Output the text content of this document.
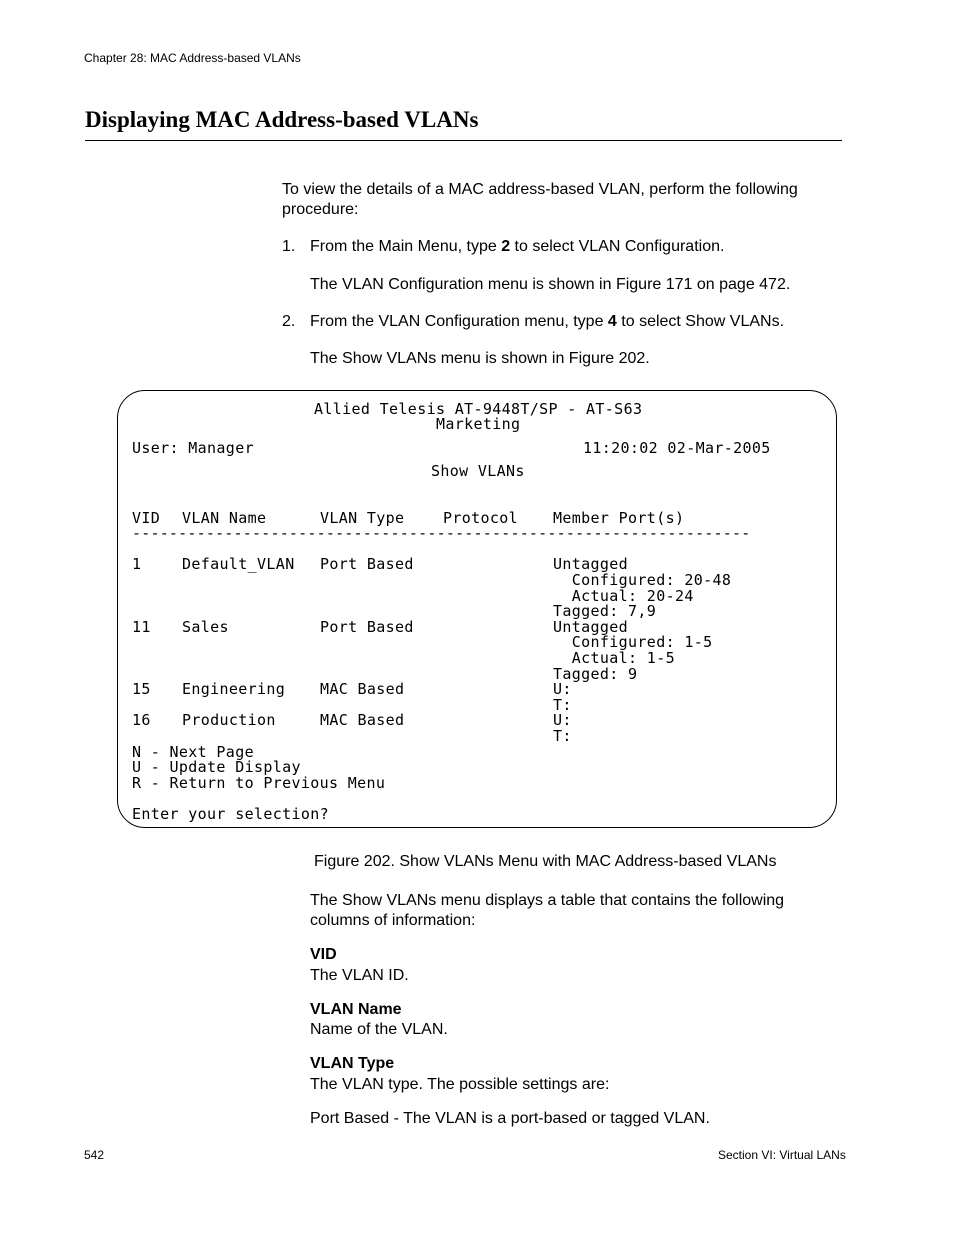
Chapter 28: MAC Address-based VLANs
Displaying MAC Address-based VLANs
To view the details of a MAC address-based VLAN, perform the following procedure:
1. From the Main Menu, type 2 to select VLAN Configuration.
The VLAN Configuration menu is shown in Figure 171 on page 472.
2. From the VLAN Configuration menu, type 4 to select Show VLANs.
The Show VLANs menu is shown in Figure 202.
Allied Telesis AT-9448T/SP - AT-S63
Marketing
User: Manager	11:20:02 02-Mar-2005
Show VLANs
VID VLAN Name	VLAN Type	Protocol Member Port(s)
-------------------------------------------------------------------
1	Default_VLAN Port Based	Untagged
Configured: 20-48
Actual: 20-24
Tagged: 7,9
11 Sales	Port Based	Untagged
Configured: 1-5
Actual: 1-5
Tagged: 9
15 Engineering MAC Based	U:
T:
16 Production	MAC Based	U:
T:
N - Next Page
U - Update Display
R - Return to Previous Menu
Enter your selection?
Figure 202. Show VLANs Menu with MAC Address-based VLANs
The Show VLANs menu displays a table that contains the following columns of information:
VID
The VLAN ID.
VLAN Name
Name of the VLAN.
VLAN Type
The VLAN type. The possible settings are:
Port Based - The VLAN is a port-based or tagged VLAN.
542	Section VI: Virtual LANs
